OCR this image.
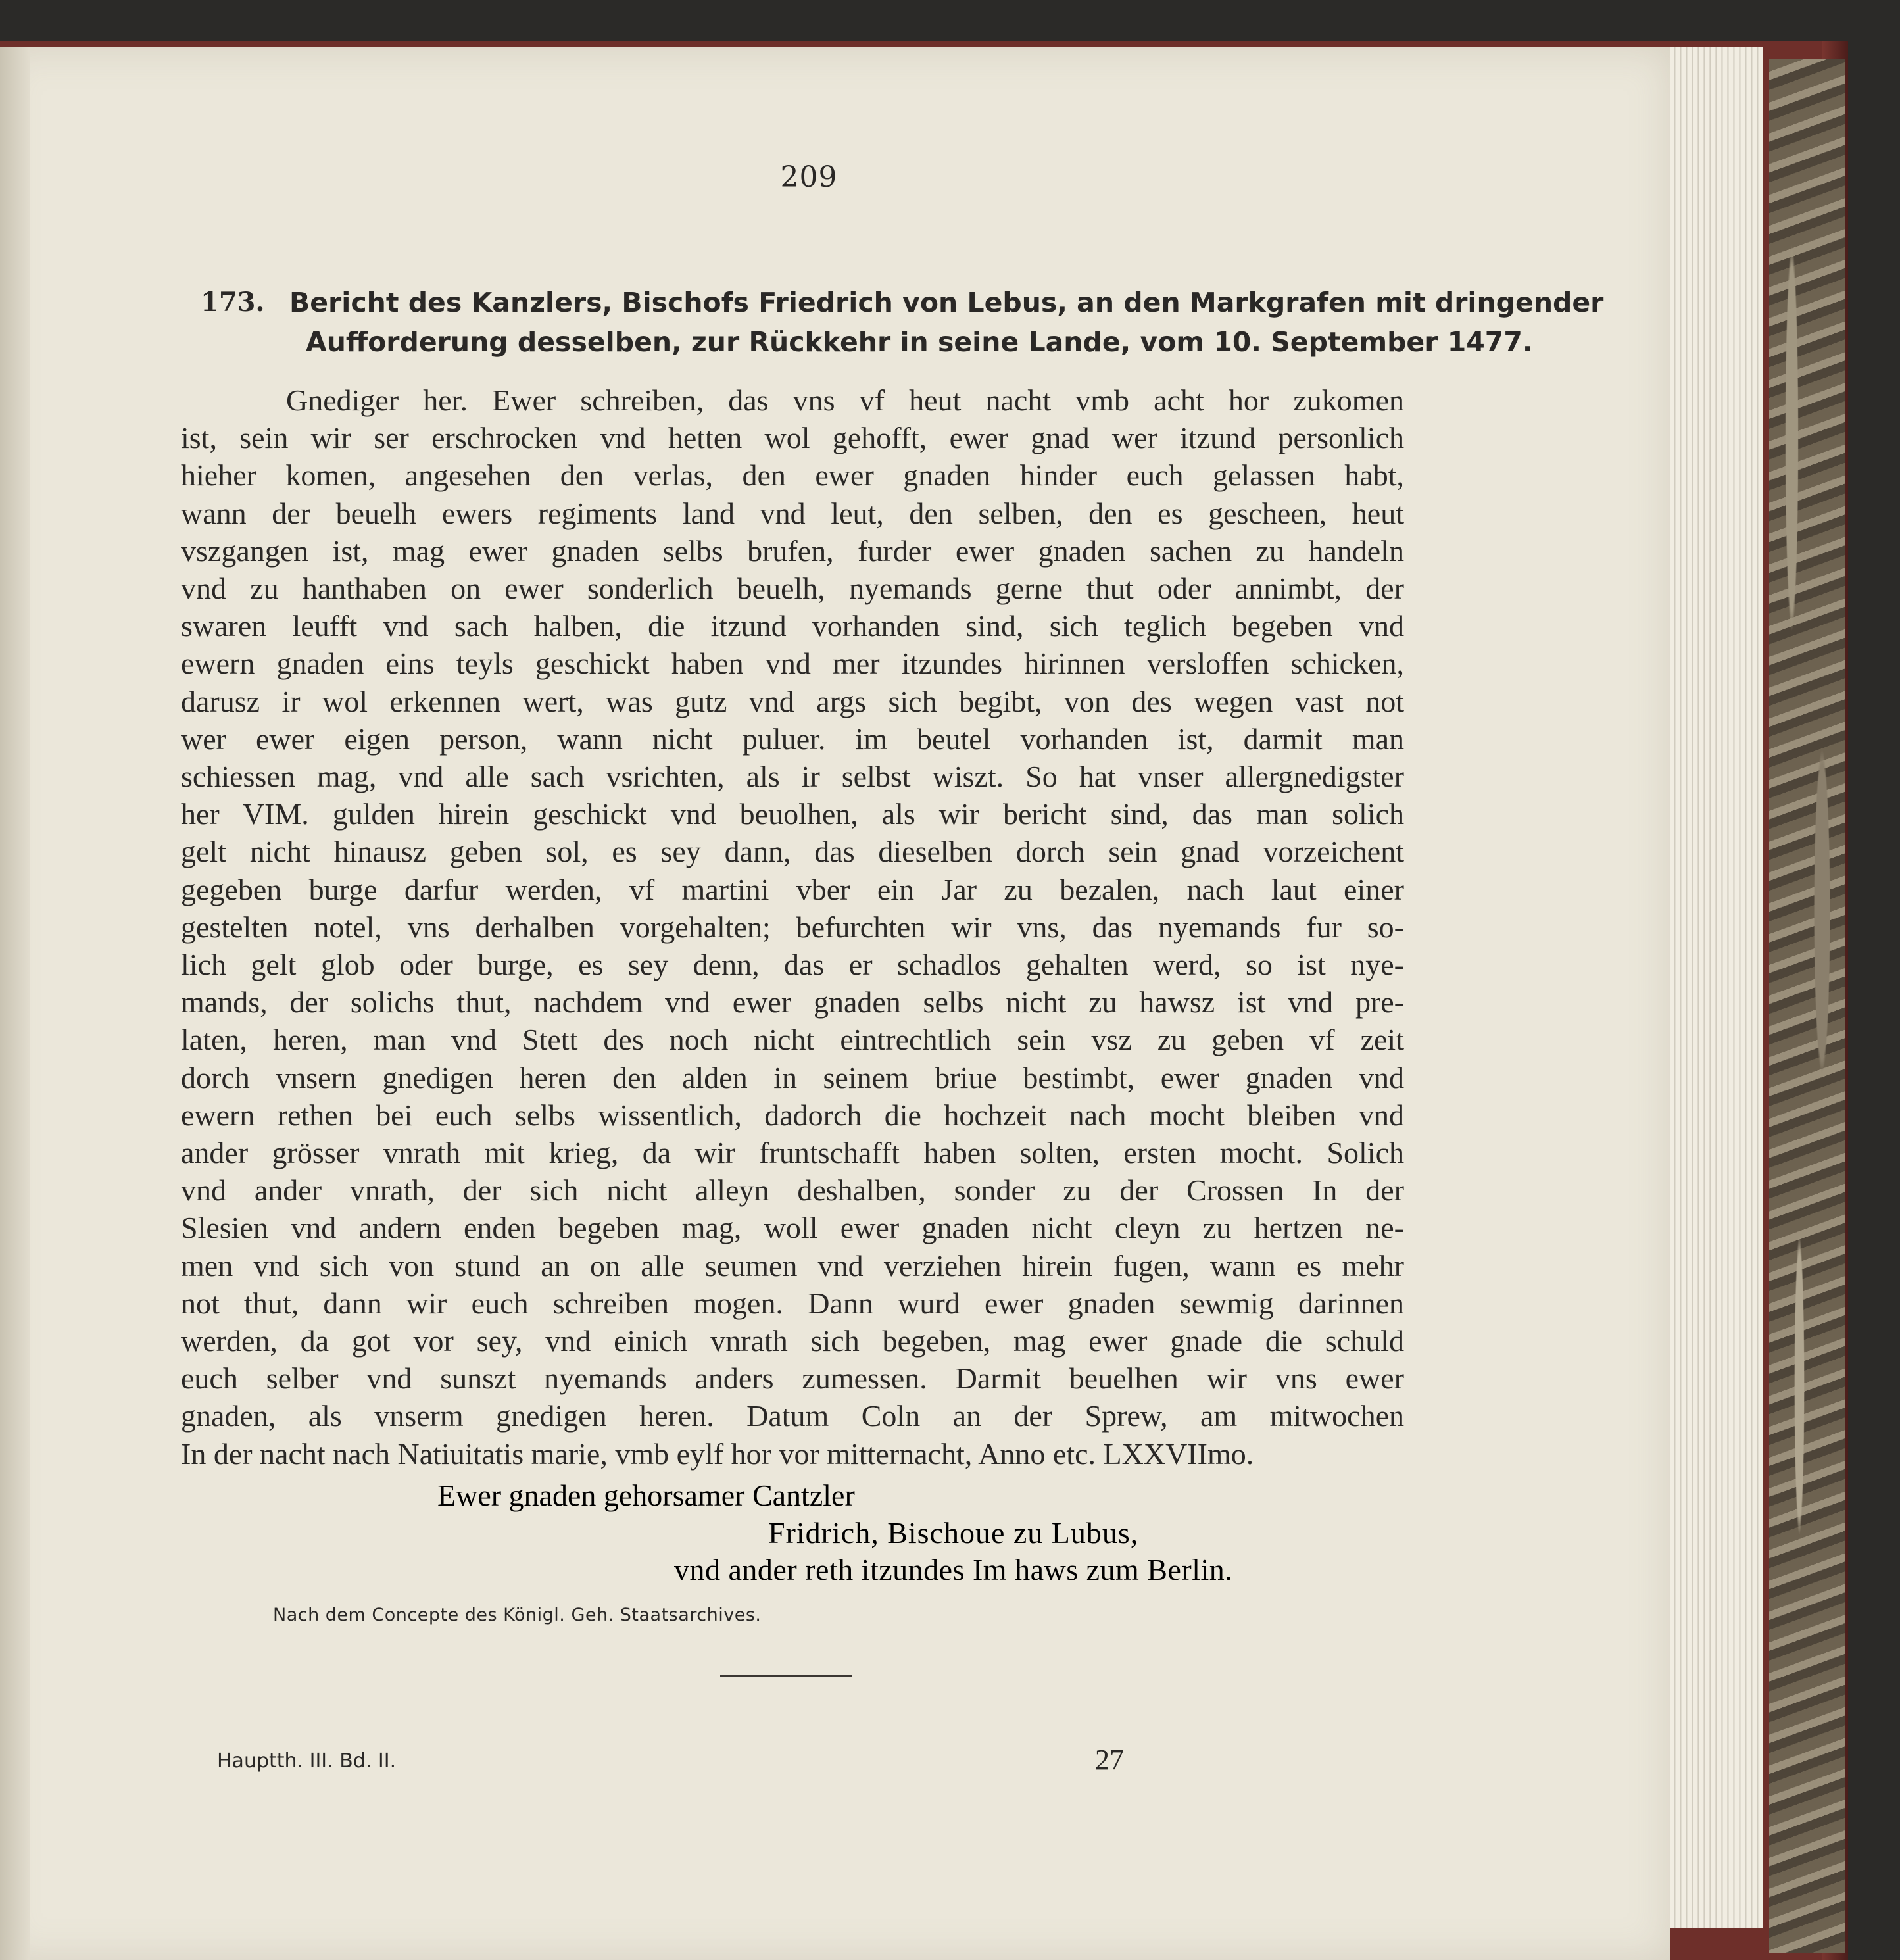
209

173. Bericht des Kanzlers, Bischofs Friedrich von Lebus, an den Markgrafen mit dringender

Aufforderung desselben, zur Rückkehr in seine Lande, vom 10. September 1477.

Gnediger her. Ewer schreiben, das vns vf heut nacht vmb acht hor zukomen
ist, sein wir ser erschrocken vnd hetten wol gehofft, ewer gnad wer itzund personlich
hieher komen, angesehen den verlas, den ewer gnaden hinder euch gelassen habt,
wann der beuelh ewers regiments land vnd leut, den selben, den es gescheen, heut
vszgangen ist, mag ewer gnaden selbs brufen, furder ewer gnaden sachen zu handeln
vnd zu hanthaben on ewer sonderlich beuelh, nyemands gerne thut oder annimbt, der
swaren leufft vnd sach halben, die itzund vorhanden sind, sich teglich begeben vnd
ewern gnaden eins teyls geschickt haben vnd mer itzundes hirinnen versloffen schicken,
darusz ir wol erkennen wert, was gutz vnd args sich begibt, von des wegen vast not
wer ewer eigen person, wann nicht puluer. im beutel vorhanden ist, darmit man
schiessen mag, vnd alle sach vsrichten, als ir selbst wiszt. So hat vnser allergnedigster
her VIM. gulden hirein geschickt vnd beuolhen, als wir bericht sind, das man solich
gelt nicht hinausz geben sol, es sey dann, das dieselben dorch sein gnad vorzeichent
gegeben burge darfur werden, vf martini vber ein Jar zu bezalen, nach laut einer
gestelten notel, vns derhalben vorgehalten; befurchten wir vns, das nyemands fur so-
lich gelt glob oder burge, es sey denn, das er schadlos gehalten werd, so ist nye-
mands, der solichs thut, nachdem vnd ewer gnaden selbs nicht zu hawsz ist vnd pre-
laten, heren, man vnd Stett des noch nicht eintrechtlich sein vsz zu geben vf zeit
dorch vnsern gnedigen heren den alden in seinem briue bestimbt, ewer gnaden vnd
ewern rethen bei euch selbs wissentlich, dadorch die hochzeit nach mocht bleiben vnd
ander grösser vnrath mit krieg, da wir fruntschafft haben solten, ersten mocht. Solich
vnd ander vnrath, der sich nicht alleyn deshalben, sonder zu der Crossen In der
Slesien vnd andern enden begeben mag, woll ewer gnaden nicht cleyn zu hertzen ne-
men vnd sich von stund an on alle seumen vnd verziehen hirein fugen, wann es mehr
not thut, dann wir euch schreiben mogen. Dann wurd ewer gnaden sewmig darinnen
werden, da got vor sey, vnd einich vnrath sich begeben, mag ewer gnade die schuld
euch selber vnd sunszt nyemands anders zumessen. Darmit beuelhen wir vns ewer
gnaden, als vnserm gnedigen heren. Datum Coln an der Sprew, am mitwochen
In der nacht nach Natiuitatis marie, vmb eylf hor vor mitternacht, Anno etc. LXXVIImo.
Ewer gnaden gehorsamer Cantzler
Fridrich, Bischoue zu Lubus,
vnd ander reth itzundes Im haws zum Berlin.

Nach dem Concepte des Königl. Geh. Staatsarchives.

Hauptth. III. Bd. II.	27
